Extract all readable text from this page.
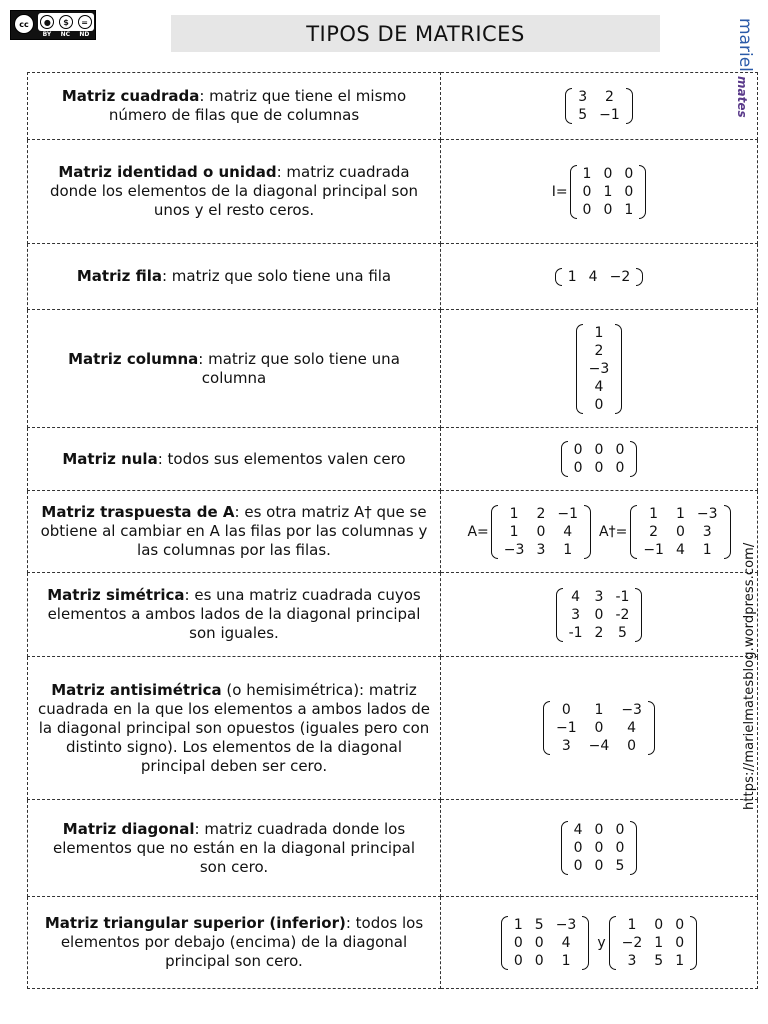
cc	●	$	=
BY NC ND	TIPOS DE MATRICES	mariel
mates
https://marielmatesblog.wordpress.com/
Matriz cuadrada: matriz que tiene el mismo número de filas que de columnas	
3	2
5	−1

Matriz identidad o unidad: matriz cuadrada donde los elementos de la diagonal principal son unos y el resto ceros.	I=
1	0	0
0	1	0
0	0	1

Matriz fila: matriz que solo tiene una fila		1	4	−2

Matriz columna: matriz que solo tiene una columna	
1
2
−3
4
0

Matriz nula: todos sus elementos valen cero		0	0	0
0	0	0

Matriz traspuesta de A: es otra matriz A† que se obtiene al cambiar en A las filas por las columnas y las columnas por las filas.	A=
1	2	−1
1	0	4
−3	3	1
A†=
1	1	−3
2	0	3
−1	4	1

Matriz simétrica: es una matriz cuadrada cuyos elementos a ambos lados de la diagonal principal son iguales.	
4	3	-1
3	0	-2
-1	2	5

Matriz antisimétrica (o hemisimétrica): matriz cuadrada en la que los elementos a ambos lados de la diagonal principal son opuestos (iguales pero con distinto signo). Los elementos de la diagonal principal deben ser cero.	
0	1	−3
−1	0	4
3	−4	0

Matriz diagonal: matriz cuadrada donde los elementos que no están en la diagonal principal son cero.	
4	0	0
0	0	0
0	0	5

Matriz triangular superior (inferior): todos los elementos por debajo (encima) de la diagonal principal son cero.	
1	5	−3
0	0	4
0	0	1
y
1	0	0
−2	1	0
3	5	1
